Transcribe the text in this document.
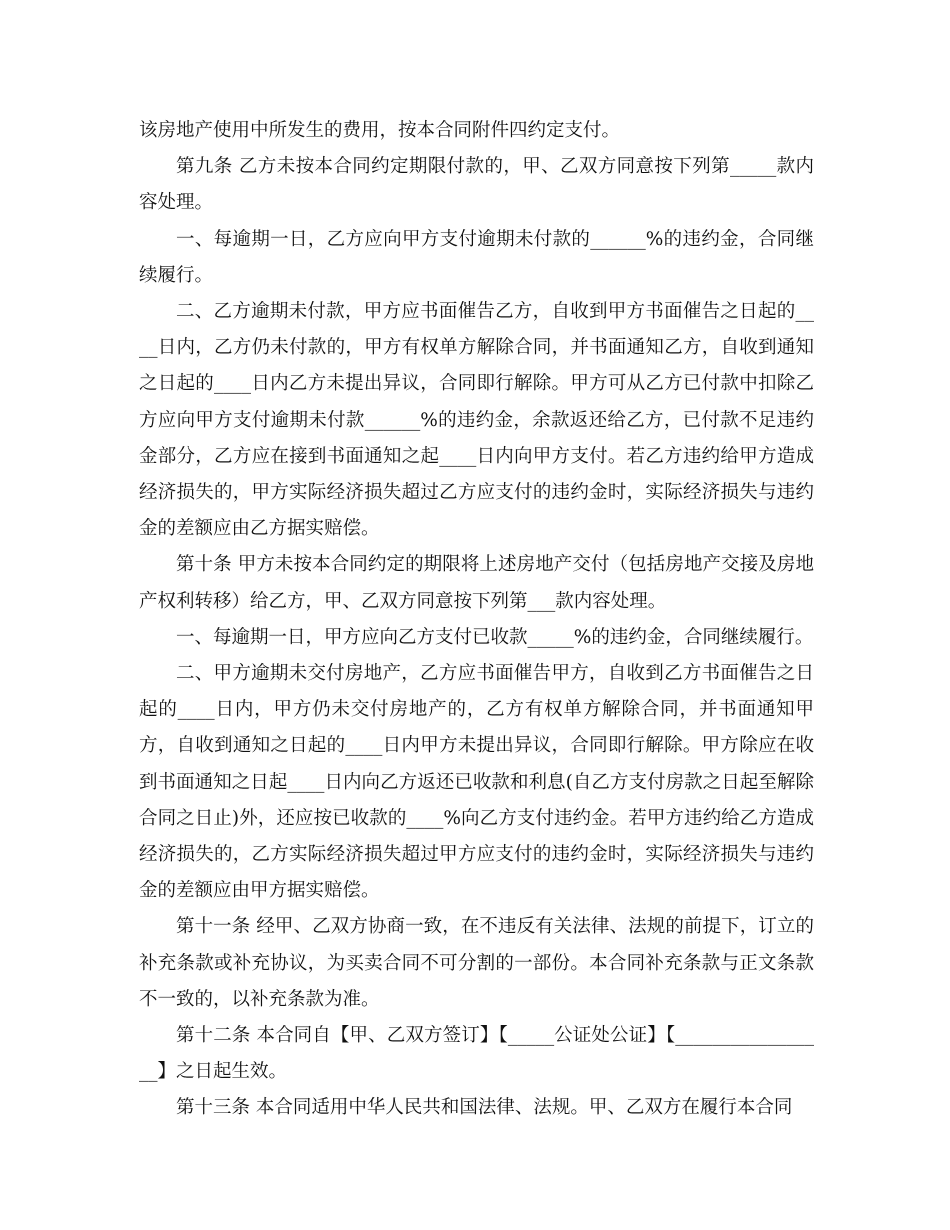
该房地产使用中所发生的费用，按本合同附件四约定支付。

第九条 乙方未按本合同约定期限付款的，甲、乙双方同意按下列第_____款内容处理。

一、每逾期一日，乙方应向甲方支付逾期未付款的______%的违约金，合同继续履行。

二、乙方逾期未付款，甲方应书面催告乙方，自收到甲方书面催告之日起的____日内，乙方仍未付款的，甲方有权单方解除合同，并书面通知乙方，自收到通知之日起的____日内乙方未提出异议，合同即行解除。甲方可从乙方已付款中扣除乙方应向甲方支付逾期未付款______%的违约金，余款返还给乙方，已付款不足违约金部分，乙方应在接到书面通知之起____日内向甲方支付。若乙方违约给甲方造成经济损失的，甲方实际经济损失超过乙方应支付的违约金时，实际经济损失与违约金的差额应由乙方据实赔偿。

第十条 甲方未按本合同约定的期限将上述房地产交付（包括房地产交接及房地产权利转移）给乙方，甲、乙双方同意按下列第___款内容处理。

一、每逾期一日，甲方应向乙方支付已收款_____%的违约金，合同继续履行。

二、甲方逾期未交付房地产，乙方应书面催告甲方，自收到乙方书面催告之日起的____日内，甲方仍未交付房地产的，乙方有权单方解除合同，并书面通知甲方，自收到通知之日起的____日内甲方未提出异议，合同即行解除。甲方除应在收到书面通知之日起____日内向乙方返还已收款和利息(自乙方支付房款之日起至解除合同之日止)外，还应按已收款的____%向乙方支付违约金。若甲方违约给乙方造成经济损失的，乙方实际经济损失超过甲方应支付的违约金时，实际经济损失与违约金的差额应由甲方据实赔偿。

第十一条 经甲、乙双方协商一致，在不违反有关法律、法规的前提下，订立的补充条款或补充协议，为买卖合同不可分割的一部份。本合同补充条款与正文条款不一致的，以补充条款为准。

第十二条 本合同自【甲、乙双方签订】【_____公证处公证】【_________________】之日起生效。

第十三条 本合同适用中华人民共和国法律、法规。甲、乙双方在履行本合同
